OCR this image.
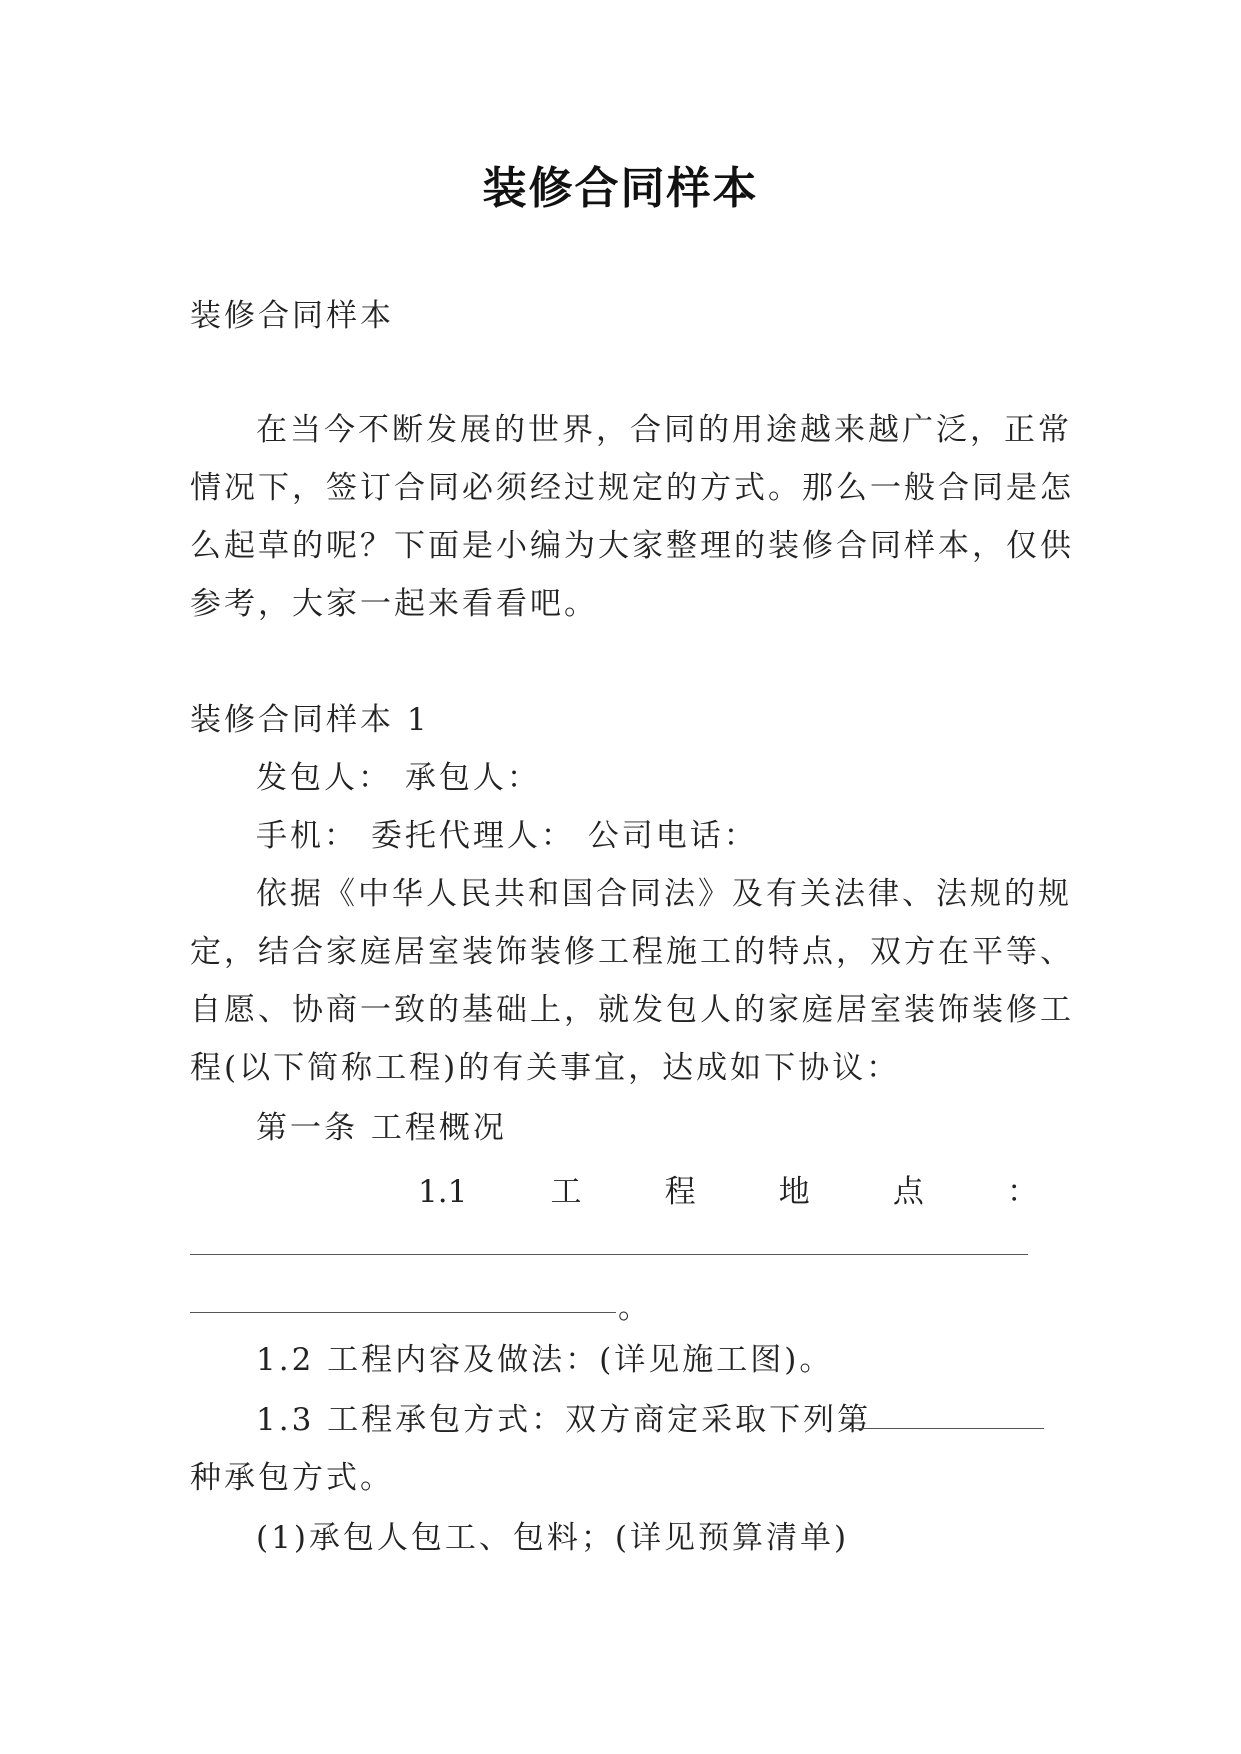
装修合同样本
装修合同样本
在当今不断发展的世界，合同的用途越来越广泛，正常
情况下，签订合同必须经过规定的方式。那么一般合同是怎
么起草的呢？下面是小编为大家整理的装修合同样本，仅供
参考，大家一起来看看吧。
装修合同样本 1
发包人： 承包人：
手机： 委托代理人： 公司电话：
依据《中华人民共和国合同法》及有关法律、法规的规
定，结合家庭居室装饰装修工程施工的特点，双方在平等、
自愿、协商一致的基础上，就发包人的家庭居室装饰装修工
程(以下简称工程)的有关事宜，达成如下协议：
第一条 工程概况
1.1	工	程	地	点	：
。
1.2 工程内容及做法：(详见施工图)。
1.3 工程承包方式：双方商定采取下列第
种承包方式。
(1)承包人包工、包料；(详见预算清单)
